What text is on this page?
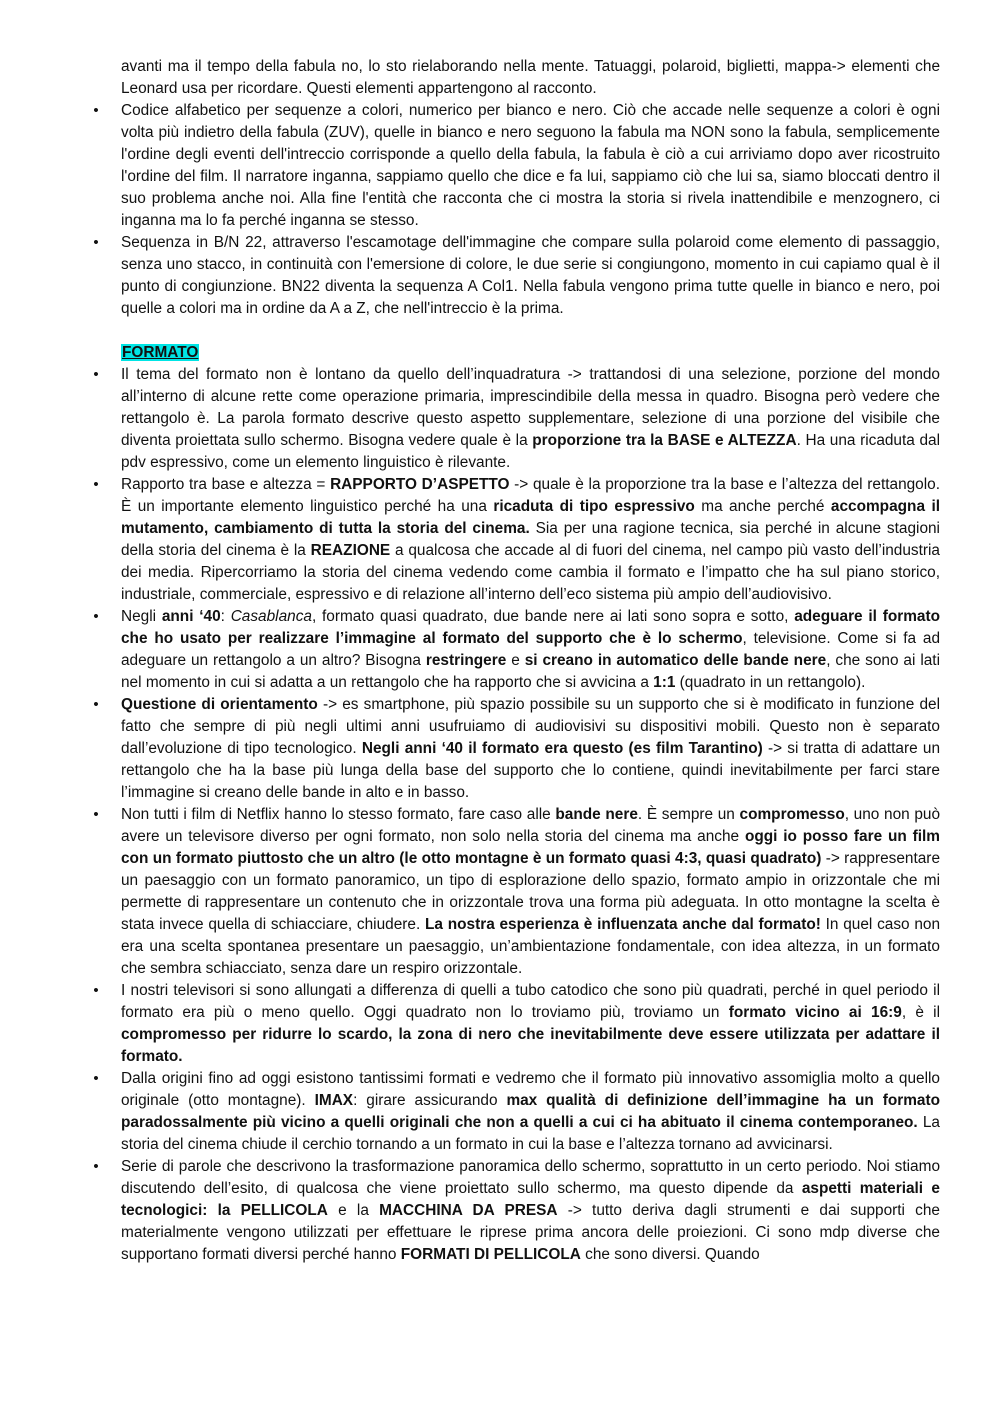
avanti ma il tempo della fabula no, lo sto rielaborando nella mente. Tatuaggi, polaroid, biglietti, mappa-> elementi che Leonard usa per ricordare. Questi elementi appartengono al racconto.

• Codice alfabetico per sequenze a colori, numerico per bianco e nero. Ciò che accade nelle sequenze a colori è ogni volta più indietro della fabula (ZUV), quelle in bianco e nero seguono la fabula ma NON sono la fabula, semplicemente l'ordine degli eventi dell'intreccio corrisponde a quello della fabula, la fabula è ciò a cui arriviamo dopo aver ricostruito l'ordine del film. Il narratore inganna, sappiamo quello che dice e fa lui, sappiamo ciò che lui sa, siamo bloccati dentro il suo problema anche noi. Alla fine l'entità che racconta che ci mostra la storia si rivela inattendibile e menzognero, ci inganna ma lo fa perché inganna se stesso.

• Sequenza in B/N 22, attraverso l'escamotage dell'immagine che compare sulla polaroid come elemento di passaggio, senza uno stacco, in continuità con l'emersione di colore, le due serie si congiungono, momento in cui capiamo qual è il punto di congiunzione. BN22 diventa la sequenza A Col1. Nella fabula vengono prima tutte quelle in bianco e nero, poi quelle a colori ma in ordine da A a Z, che nell'intreccio è la prima.

FORMATO

• Il tema del formato non è lontano da quello dell’inquadratura -> trattandosi di una selezione, porzione del mondo all’interno di alcune rette come operazione primaria, imprescindibile della messa in quadro. Bisogna però vedere che rettangolo è. La parola formato descrive questo aspetto supplementare, selezione di una porzione del visibile che diventa proiettata sullo schermo. Bisogna vedere quale è la proporzione tra la BASE e ALTEZZA. Ha una ricaduta dal pdv espressivo, come un elemento linguistico è rilevante.

• Rapporto tra base e altezza = RAPPORTO D’ASPETTO -> quale è la proporzione tra la base e l’altezza del rettangolo. È un importante elemento linguistico perché ha una ricaduta di tipo espressivo ma anche perché accompagna il mutamento, cambiamento di tutta la storia del cinema. Sia per una ragione tecnica, sia perché in alcune stagioni della storia del cinema è la REAZIONE a qualcosa che accade al di fuori del cinema, nel campo più vasto dell’industria dei media. Ripercorriamo la storia del cinema vedendo come cambia il formato e l’impatto che ha sul piano storico, industriale, commerciale, espressivo e di relazione all’interno dell’eco sistema più ampio dell’audiovisivo.

• Negli anni ‘40: Casablanca, formato quasi quadrato, due bande nere ai lati sono sopra e sotto, adeguare il formato che ho usato per realizzare l’immagine al formato del supporto che è lo schermo, televisione. Come si fa ad adeguare un rettangolo a un altro? Bisogna restringere e si creano in automatico delle bande nere, che sono ai lati nel momento in cui si adatta a un rettangolo che ha rapporto che si avvicina a 1:1 (quadrato in un rettangolo).

• Questione di orientamento -> es smartphone, più spazio possibile su un supporto che si è modificato in funzione del fatto che sempre di più negli ultimi anni usufruiamo di audiovisivi su dispositivi mobili. Questo non è separato dall’evoluzione di tipo tecnologico. Negli anni ‘40 il formato era questo (es film Tarantino) -> si tratta di adattare un rettangolo che ha la base più lunga della base del supporto che lo contiene, quindi inevitabilmente per farci stare l’immagine si creano delle bande in alto e in basso.

• Non tutti i film di Netflix hanno lo stesso formato, fare caso alle bande nere. È sempre un compromesso, uno non può avere un televisore diverso per ogni formato, non solo nella storia del cinema ma anche oggi io posso fare un film con un formato piuttosto che un altro (le otto montagne è un formato quasi 4:3, quasi quadrato) -> rappresentare un paesaggio con un formato panoramico, un tipo di esplorazione dello spazio, formato ampio in orizzontale che mi permette di rappresentare un contenuto che in orizzontale trova una forma più adeguata. In otto montagne la scelta è stata invece quella di schiacciare, chiudere. La nostra esperienza è influenzata anche dal formato! In quel caso non era una scelta spontanea presentare un paesaggio, un’ambientazione fondamentale, con idea altezza, in un formato che sembra schiacciato, senza dare un respiro orizzontale.

• I nostri televisori si sono allungati a differenza di quelli a tubo catodico che sono più quadrati, perché in quel periodo il formato era più o meno quello. Oggi quadrato non lo troviamo più, troviamo un formato vicino ai 16:9, è il compromesso per ridurre lo scardo, la zona di nero che inevitabilmente deve essere utilizzata per adattare il formato.

• Dalla origini fino ad oggi esistono tantissimi formati e vedremo che il formato più innovativo assomiglia molto a quello originale (otto montagne). IMAX: girare assicurando max qualità di definizione dell’immagine ha un formato paradossalmente più vicino a quelli originali che non a quelli a cui ci ha abituato il cinema contemporaneo. La storia del cinema chiude il cerchio tornando a un formato in cui la base e l’altezza tornano ad avvicinarsi.

• Serie di parole che descrivono la trasformazione panoramica dello schermo, soprattutto in un certo periodo. Noi stiamo discutendo dell’esito, di qualcosa che viene proiettato sullo schermo, ma questo dipende da aspetti materiali e tecnologici: la PELLICOLA e la MACCHINA DA PRESA -> tutto deriva dagli strumenti e dai supporti che materialmente vengono utilizzati per effettuare le riprese prima ancora delle proiezioni. Ci sono mdp diverse che supportano formati diversi perché hanno FORMATI DI PELLICOLA che sono diversi. Quando
